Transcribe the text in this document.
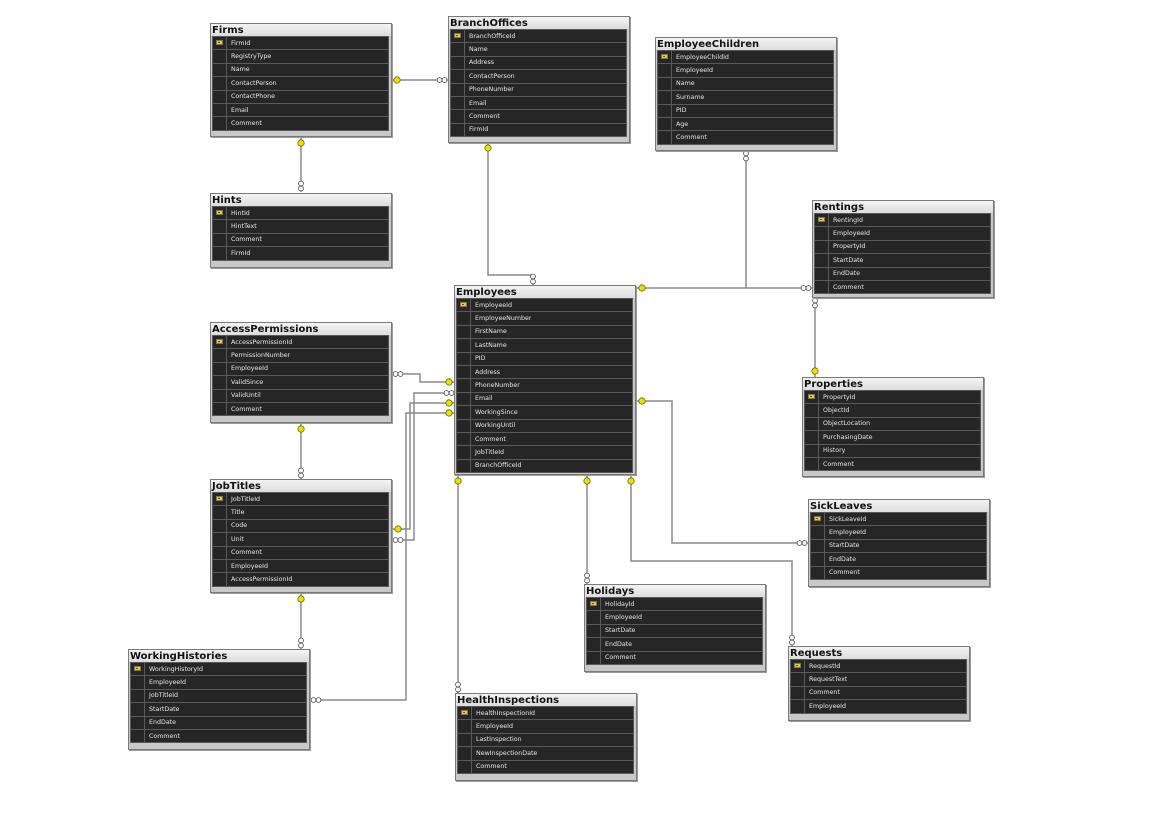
Firms
FirmId
RegistryType
Name
ContactPerson
ContactPhone
Email
Comment
BranchOffices
BranchOfficeId
Name
Address
ContactPerson
PhoneNumber
Email
Comment
FirmId
EmployeeChildren
EmployeeChildId
EmployeeId
Name
Surname
PID
Age
Comment
Hints
HintId
HintText
Comment
FirmId
Rentings
RentingId
EmployeeId
PropertyId
StartDate
EndDate
Comment
Employees
EmployeeId
EmployeeNumber
FirstName
LastName
PID
Address
PhoneNumber
Email
WorkingSince
WorkingUntil
Comment
JobTitleId
BranchOfficeId
AccessPermissions
AccessPermissionId
PermissionNumber
EmployeeId
ValidSince
ValidUntil
Comment
Properties
PropertyId
ObjectId
ObjectLocation
PurchasingDate
History
Comment
JobTitles
JobTitleId
Title
Code
Unit
Comment
EmployeeId
AccessPermissionId
SickLeaves
SickLeaveId
EmployeeId
StartDate
EndDate
Comment
Holidays
HolidayId
EmployeeId
StartDate
EndDate
Comment	Requests
RequestId
RequestText
Comment
EmployeeId
WorkingHistories
WorkingHistoryId
EmployeeId
JobTitleId
StartDate
EndDate
Comment
HealthInspections
HealthInspectionId
EmployeeId
LastInspection
NewInspectionDate
Comment
